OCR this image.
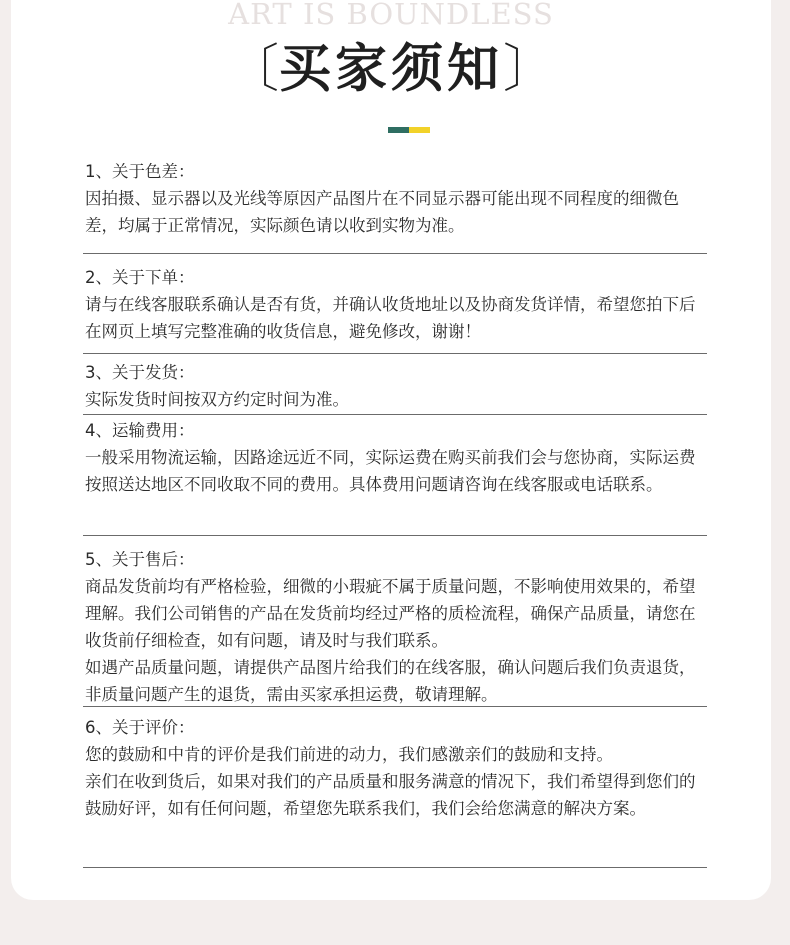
ART IS BOUNDLESS
〔买家须知〕
1、关于色差：

因拍摄、显示器以及光线等原因产品图片在不同显示器可能出现不同程度的细微色差，均属于正常情况，实际颜色请以收到实物为准。

2、关于下单：

请与在线客服联系确认是否有货，并确认收货地址以及协商发货详情，希望您拍下后在网页上填写完整准确的收货信息，避免修改，谢谢！

3、关于发货：

实际发货时间按双方约定时间为准。

4、运输费用：

一般采用物流运输，因路途远近不同，实际运费在购买前我们会与您协商，实际运费按照送达地区不同收取不同的费用。具体费用问题请咨询在线客服或电话联系。

5、关于售后：

商品发货前均有严格检验，细微的小瑕疵不属于质量问题，不影响使用效果的，希望理解。我们公司销售的产品在发货前均经过严格的质检流程，确保产品质量，请您在收货前仔细检查，如有问题，请及时与我们联系。

如遇产品质量问题，请提供产品图片给我们的在线客服，确认问题后我们负责退货，非质量问题产生的退货，需由买家承担运费，敬请理解。

6、关于评价：

您的鼓励和中肯的评价是我们前进的动力，我们感激亲们的鼓励和支持。

亲们在收到货后，如果对我们的产品质量和服务满意的情况下，我们希望得到您们的鼓励好评，如有任何问题，希望您先联系我们，我们会给您满意的解决方案。
